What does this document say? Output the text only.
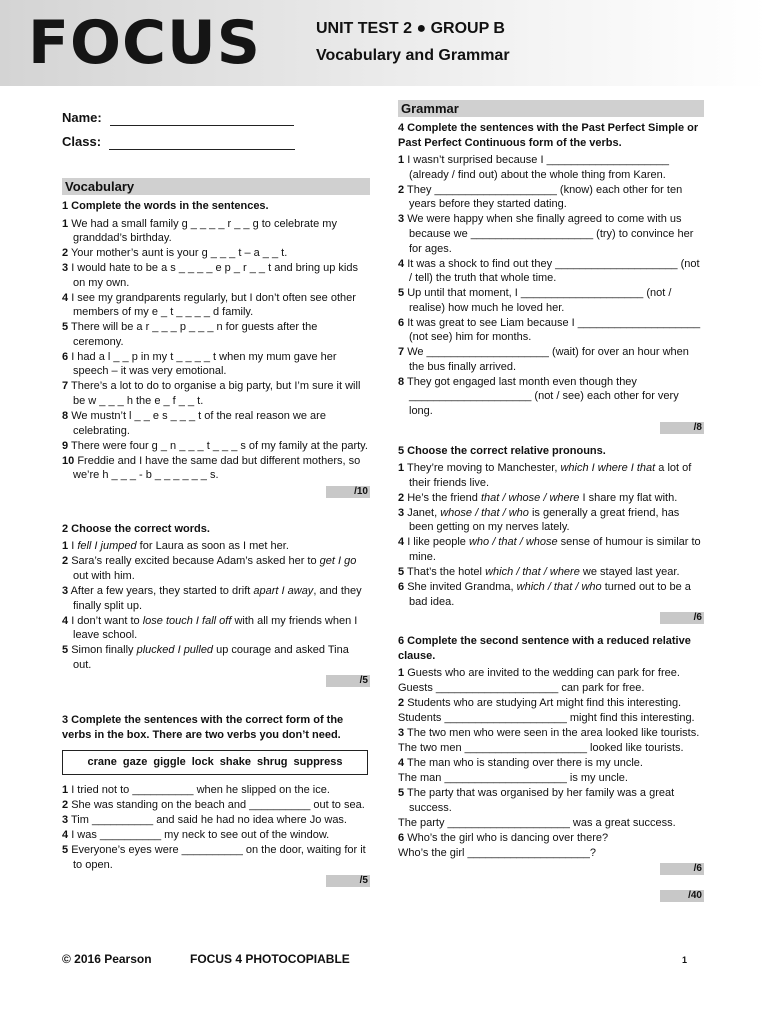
FOCUS	UNIT TEST 2 ● GROUP B
Vocabulary and Grammar
Name:
Class:
Vocabulary
1 Complete the words in the sentences.
1 We had a small family g _ _ _ _ r _ _ g to celebrate my granddad’s birthday.
2 Your mother’s aunt is your g _ _ _ t – a _ _ t.
3 I would hate to be a s _ _ _ _ e p _ r _ _ t and bring up kids on my own.
4 I see my grandparents regularly, but I don’t often see other members of my e _ t _ _ _ _ d family.
5 There will be a r _ _ _ p _ _ _ n for guests after the ceremony.
6 I had a l _ _ p in my t _ _ _ _ t when my mum gave her speech – it was very emotional.
7 There’s a lot to do to organise a big party, but I’m sure it will be w _ _ _ h the e _ f _ _ t.
8 We mustn’t l _ _ e s _ _ _ t of the real reason we are celebrating.
9 There were four g _ n _ _ _ t _ _ _ s of my family at the party.
10 Freddie and I have the same dad but different mothers, so we’re h _ _ _ - b _ _ _ _ _ _ s.
/10
2 Choose the correct words.
1 I fell I jumped for Laura as soon as I met her.
2 Sara’s really excited because Adam’s asked her to get I go out with him.
3 After a few years, they started to drift apart I away, and they finally split up.
4 I don’t want to lose touch I fall off with all my friends when I leave school.
5 Simon finally plucked I pulled up courage and asked Tina out.
/5
3 Complete the sentences with the correct form of the verbs in the box. There are two verbs you don’t need.
crane gaze giggle lock shake shrug suppress
1 I tried not to __________ when he slipped on the ice.
2 She was standing on the beach and __________ out to sea.
3 Tim __________ and said he had no idea where Jo was.
4 I was __________ my neck to see out of the window.
5 Everyone’s eyes were __________ on the door, waiting for it to open.
/5
Grammar
4 Complete the sentences with the Past Perfect Simple or Past Perfect Continuous form of the verbs.
1 I wasn’t surprised because I ____________________ (already / find out) about the whole thing from Karen.
2 They ____________________ (know) each other for ten years before they started dating.
3 We were happy when she finally agreed to come with us because we ____________________ (try) to convince her for ages.
4 It was a shock to find out they ____________________ (not / tell) the truth that whole time.
5 Up until that moment, I ____________________ (not / realise) how much he loved her.
6 It was great to see Liam because I ____________________ (not see) him for months.
7 We ____________________ (wait) for over an hour when the bus finally arrived.
8 They got engaged last month even though they ____________________ (not / see) each other for very long.
/8
5 Choose the correct relative pronouns.
1 They’re moving to Manchester, which I where I that a lot of their friends live.
2 He’s the friend that / whose / where I share my flat with.
3 Janet, whose / that / who is generally a great friend, has been getting on my nerves lately.
4 I like people who / that / whose sense of humour is similar to mine.
5 That’s the hotel which / that / where we stayed last year.
6 She invited Grandma, which / that / who turned out to be a bad idea.
/6
6 Complete the second sentence with a reduced relative clause.
1 Guests who are invited to the wedding can park for free.
Guests ____________________ can park for free.
2 Students who are studying Art might find this interesting.
Students ____________________ might find this interesting.
3 The two men who were seen in the area looked like tourists.
The two men ____________________ looked like tourists.
4 The man who is standing over there is my uncle.
The man ____________________ is my uncle.
5 The party that was organised by her family was a great success.
The party ____________________ was a great success.
6 Who’s the girl who is dancing over there?
Who’s the girl ____________________?
/6
/40
© 2016 Pearson	FOCUS 4 PHOTOCOPIABLE	1
